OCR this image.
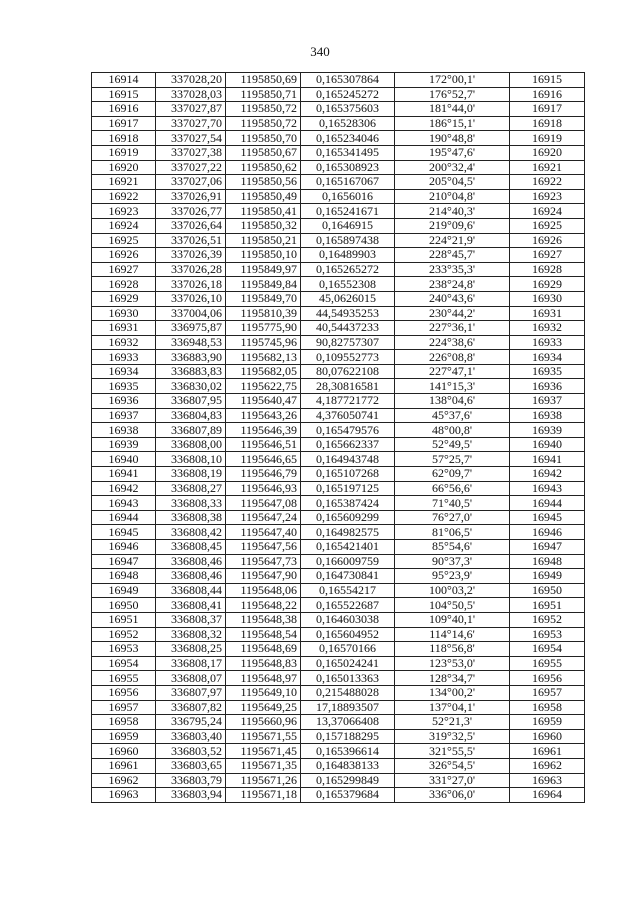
340
16914	337028,20	1195850,69	0,165307864	172°00,1'	16915
16915	337028,03	1195850,71	0,165245272	176°52,7'	16916
16916	337027,87	1195850,72	0,165375603	181°44,0'	16917
16917	337027,70	1195850,72	0,16528306	186°15,1'	16918
16918	337027,54	1195850,70	0,165234046	190°48,8'	16919
16919	337027,38	1195850,67	0,165341495	195°47,6'	16920
16920	337027,22	1195850,62	0,165308923	200°32,4'	16921
16921	337027,06	1195850,56	0,165167067	205°04,5'	16922
16922	337026,91	1195850,49	0,1656016	210°04,8'	16923
16923	337026,77	1195850,41	0,165241671	214°40,3'	16924
16924	337026,64	1195850,32	0,1646915	219°09,6'	16925
16925	337026,51	1195850,21	0,165897438	224°21,9'	16926
16926	337026,39	1195850,10	0,16489903	228°45,7'	16927
16927	337026,28	1195849,97	0,165265272	233°35,3'	16928
16928	337026,18	1195849,84	0,16552308	238°24,8'	16929
16929	337026,10	1195849,70	45,0626015	240°43,6'	16930
16930	337004,06	1195810,39	44,54935253	230°44,2'	16931
16931	336975,87	1195775,90	40,54437233	227°36,1'	16932
16932	336948,53	1195745,96	90,82757307	224°38,6'	16933
16933	336883,90	1195682,13	0,109552773	226°08,8'	16934
16934	336883,83	1195682,05	80,07622108	227°47,1'	16935
16935	336830,02	1195622,75	28,30816581	141°15,3'	16936
16936	336807,95	1195640,47	4,187721772	138°04,6'	16937
16937	336804,83	1195643,26	4,376050741	45°37,6'	16938
16938	336807,89	1195646,39	0,165479576	48°00,8'	16939
16939	336808,00	1195646,51	0,165662337	52°49,5'	16940
16940	336808,10	1195646,65	0,164943748	57°25,7'	16941
16941	336808,19	1195646,79	0,165107268	62°09,7'	16942
16942	336808,27	1195646,93	0,165197125	66°56,6'	16943
16943	336808,33	1195647,08	0,165387424	71°40,5'	16944
16944	336808,38	1195647,24	0,165609299	76°27,0'	16945
16945	336808,42	1195647,40	0,164982575	81°06,5'	16946
16946	336808,45	1195647,56	0,165421401	85°54,6'	16947
16947	336808,46	1195647,73	0,166009759	90°37,3'	16948
16948	336808,46	1195647,90	0,164730841	95°23,9'	16949
16949	336808,44	1195648,06	0,16554217	100°03,2'	16950
16950	336808,41	1195648,22	0,165522687	104°50,5'	16951
16951	336808,37	1195648,38	0,164603038	109°40,1'	16952
16952	336808,32	1195648,54	0,165604952	114°14,6'	16953
16953	336808,25	1195648,69	0,16570166	118°56,8'	16954
16954	336808,17	1195648,83	0,165024241	123°53,0'	16955
16955	336808,07	1195648,97	0,165013363	128°34,7'	16956
16956	336807,97	1195649,10	0,215488028	134°00,2'	16957
16957	336807,82	1195649,25	17,18893507	137°04,1'	16958
16958	336795,24	1195660,96	13,37066408	52°21,3'	16959
16959	336803,40	1195671,55	0,157188295	319°32,5'	16960
16960	336803,52	1195671,45	0,165396614	321°55,5'	16961
16961	336803,65	1195671,35	0,164838133	326°54,5'	16962
16962	336803,79	1195671,26	0,165299849	331°27,0'	16963
16963	336803,94	1195671,18	0,165379684	336°06,0'	16964
